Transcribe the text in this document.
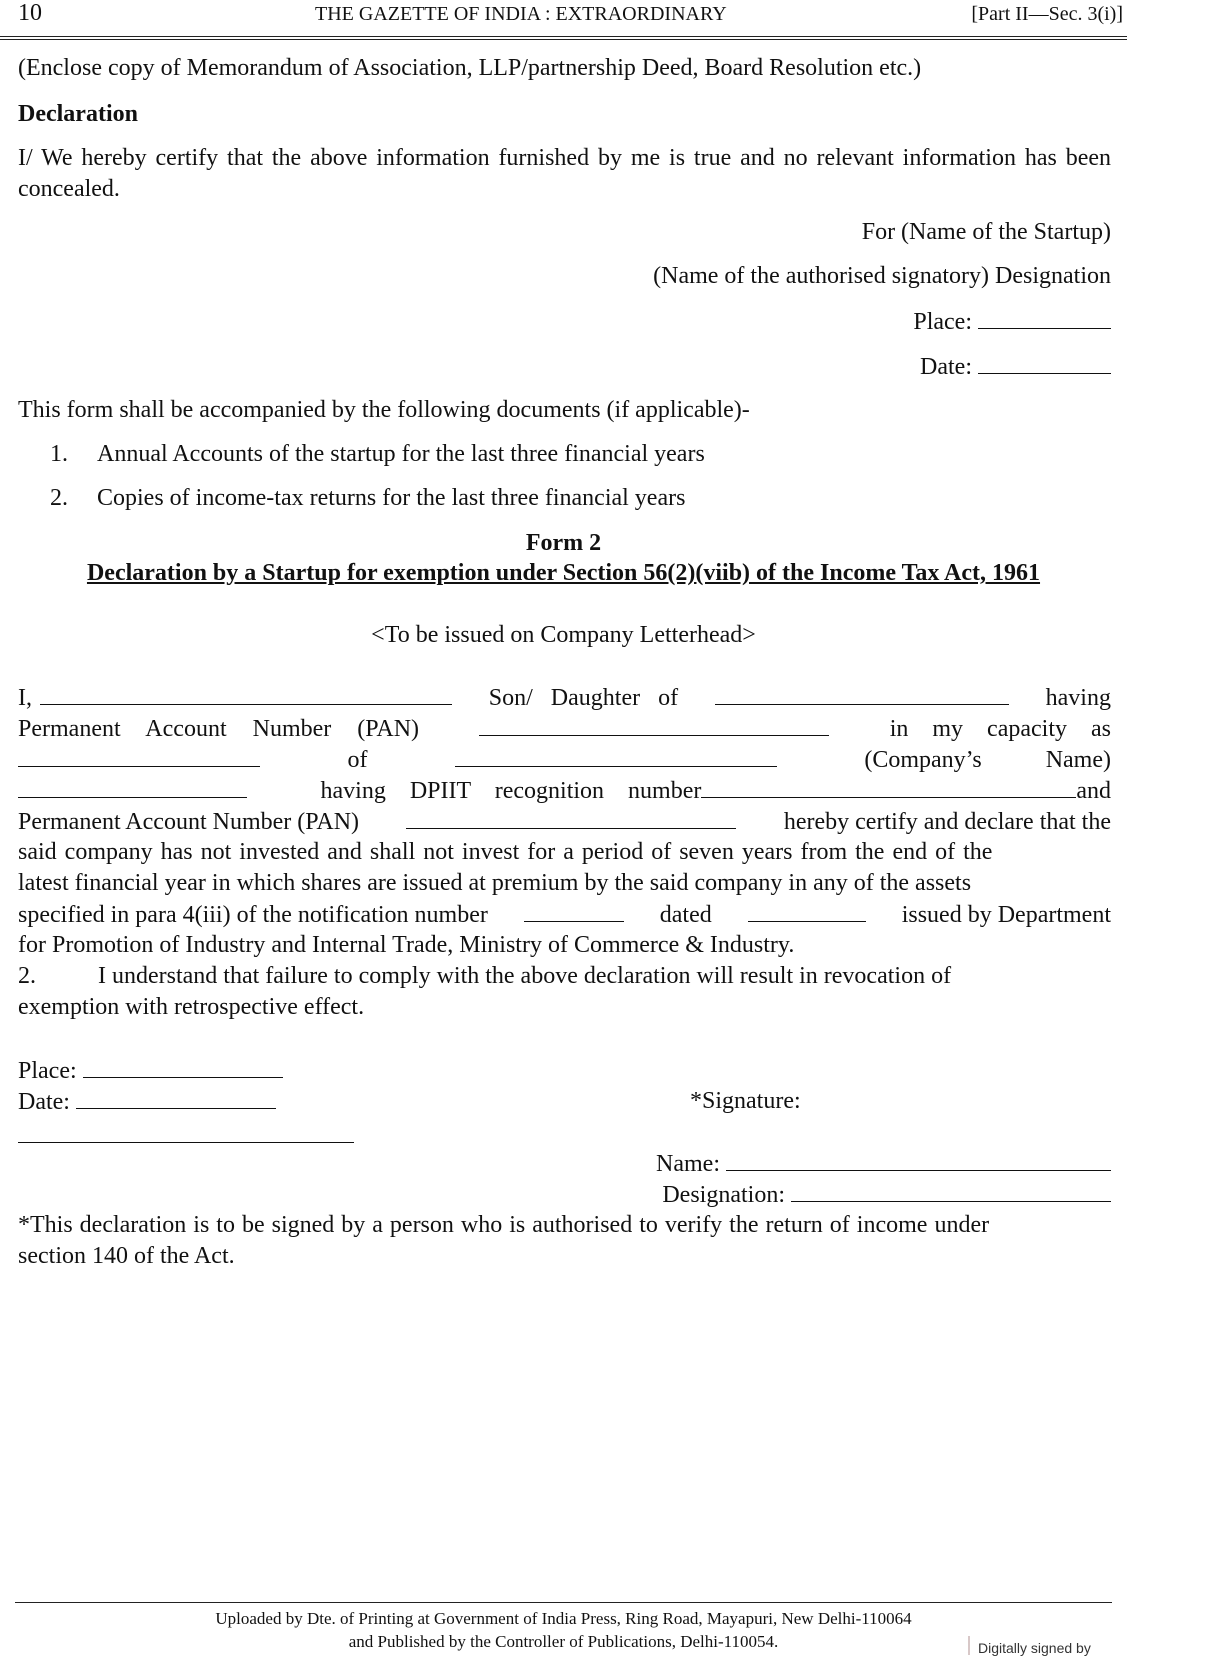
10	THE GAZETTE OF INDIA : EXTRAORDINARY	[Part II—Sec. 3(i)]
(Enclose copy of Memorandum of Association, LLP/partnership Deed, Board Resolution etc.)
Declaration
I/ We hereby certify that the above information furnished by me is true and no relevant information has been concealed.
For (Name of the Startup)
(Name of the authorised signatory) Designation
Place:
Date:
This form shall be accompanied by the following documents (if applicable)-
1. Annual Accounts of the startup for the last three financial years
2. Copies of income-tax returns for the last three financial years
Form 2
Declaration by a Startup for exemption under Section 56(2)(viib) of the Income Tax Act, 1961
<To be issued on Company Letterhead>
I,	Son/ Daughter of	having
Permanent Account Number (PAN)	in my capacity as
of	(Company’s Name)
having DPIIT recognition number	and
Permanent Account Number (PAN)	hereby certify and declare that the
said company has not invested and shall not invest for a period of seven years from the end of the
latest financial year in which shares are issued at premium by the said company in any of the assets
specified in para 4(iii) of the notification number	dated	issued by Department
for Promotion of Industry and Internal Trade, Ministry of Commerce & Industry.
2.	I understand that failure to comply with the above declaration will result in revocation of
exemption with retrospective effect.
Place:
Date:	*Signature:
Name:
Designation:
*This declaration is to be signed by a person who is authorised to verify the return of income under
section 140 of the Act.
Uploaded by Dte. of Printing at Government of India Press, Ring Road, Mayapuri, New Delhi-110064
and Published by the Controller of Publications, Delhi-110054.	Digitally signed by
